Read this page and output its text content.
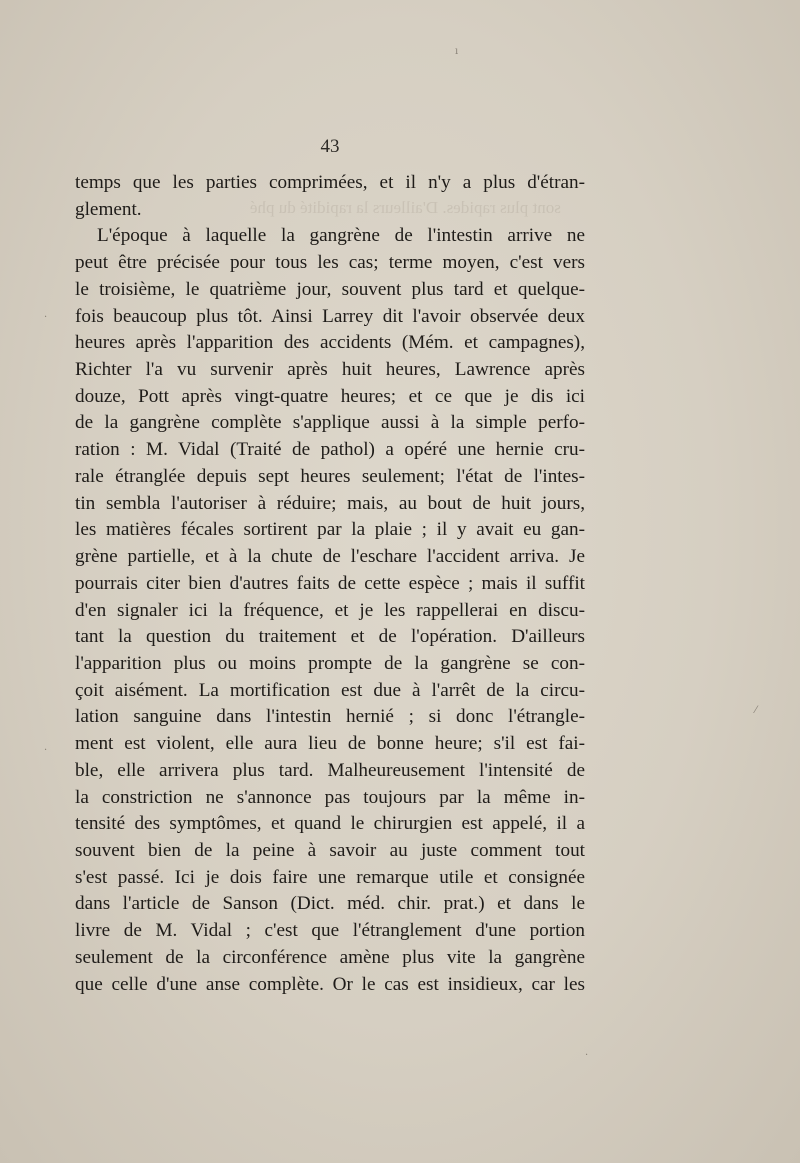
43
sont plus rapides. D'ailleurs la rapidité du phé
temps que les parties comprimées, et il n'y a plus d'étran-
glement.
L'époque à laquelle la gangrène de l'intestin arrive ne
peut être précisée pour tous les cas; terme moyen, c'est vers
le troisième, le quatrième jour, souvent plus tard et quelque-
fois beaucoup plus tôt. Ainsi Larrey dit l'avoir observée deux
heures après l'apparition des accidents (Mém. et campagnes),
Richter l'a vu survenir après huit heures, Lawrence après
douze, Pott après vingt-quatre heures; et ce que je dis ici
de la gangrène complète s'applique aussi à la simple perfo-
ration : M. Vidal (Traité de pathol) a opéré une hernie cru-
rale étranglée depuis sept heures seulement; l'état de l'intes-
tin sembla l'autoriser à réduire; mais, au bout de huit jours,
les matières fécales sortirent par la plaie ; il y avait eu gan-
grène partielle, et à la chute de l'eschare l'accident arriva. Je
pourrais citer bien d'autres faits de cette espèce ; mais il suffit
d'en signaler ici la fréquence, et je les rappellerai en discu-
tant la question du traitement et de l'opération. D'ailleurs
l'apparition plus ou moins prompte de la gangrène se con-
çoit aisément. La mortification est due à l'arrêt de la circu-
lation sanguine dans l'intestin hernié ; si donc l'étrangle-
ment est violent, elle aura lieu de bonne heure; s'il est fai-
ble, elle arrivera plus tard. Malheureusement l'intensité de
la constriction ne s'annonce pas toujours par la même in-
tensité des symptômes, et quand le chirurgien est appelé, il a
souvent bien de la peine à savoir au juste comment tout
s'est passé. Ici je dois faire une remarque utile et consignée
dans l'article de Sanson (Dict. méd. chir. prat.) et dans le
livre de M. Vidal ; c'est que l'étranglement d'une portion
seulement de la circonférence amène plus vite la gangrène
que celle d'une anse complète. Or le cas est insidieux, car les
ı
·
·
⁄
·
